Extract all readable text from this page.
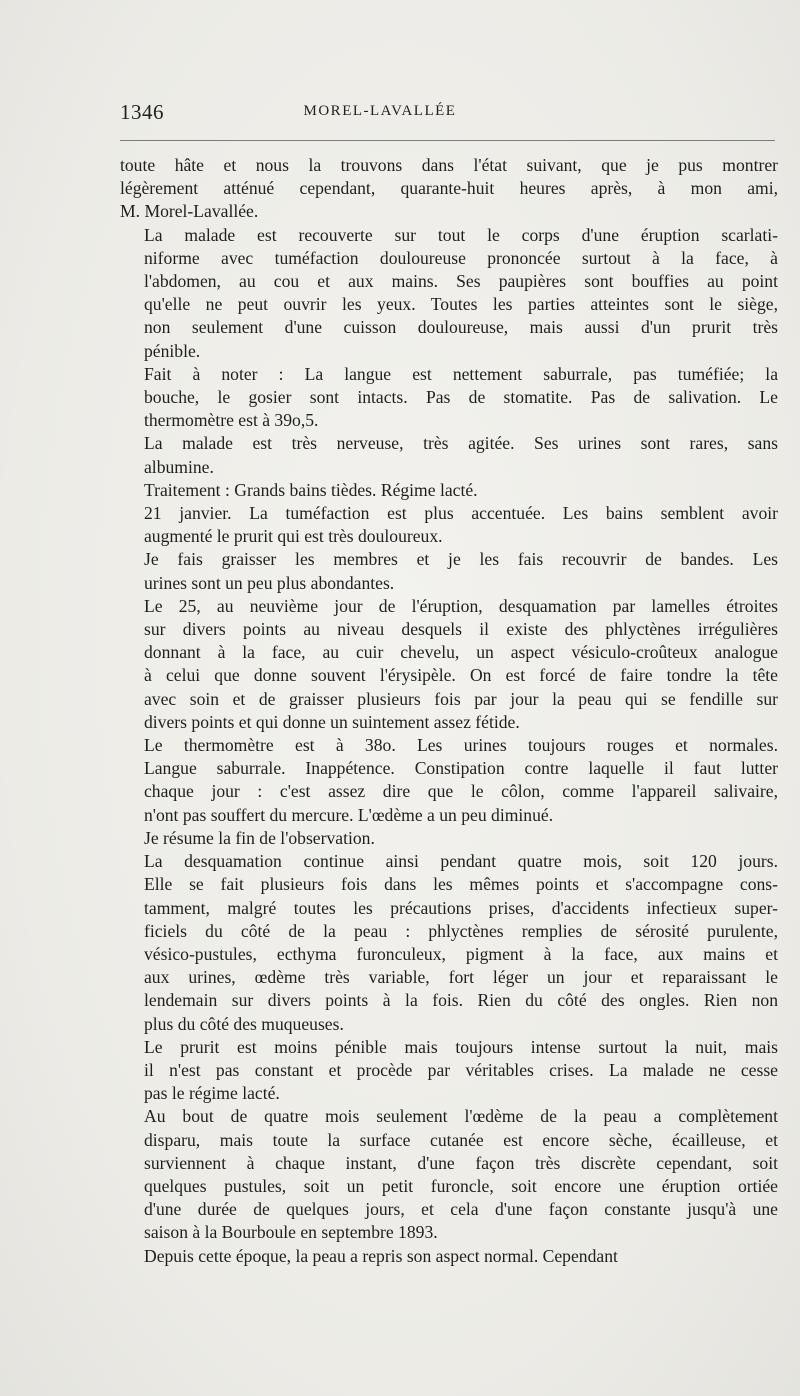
1346	MOREL-LAVALLÉE

toute hâte et nous la trouvons dans l'état suivant, que je pus montrer
légèrement atténué cependant, quarante-huit heures après, à mon ami,
M. Morel-Lavallée.

La malade est recouverte sur tout le corps d'une éruption scarlati-
niforme avec tuméfaction douloureuse prononcée surtout à la face, à
l'abdomen, au cou et aux mains. Ses paupières sont bouffies au point
qu'elle ne peut ouvrir les yeux. Toutes les parties atteintes sont le siège,
non seulement d'une cuisson douloureuse, mais aussi d'un prurit très
pénible.

Fait à noter : La langue est nettement saburrale, pas tuméfiée; la
bouche, le gosier sont intacts. Pas de stomatite. Pas de salivation. Le
thermomètre est à 39o,5.

La malade est très nerveuse, très agitée. Ses urines sont rares, sans
albumine.

Traitement : Grands bains tièdes. Régime lacté.

21 janvier. La tuméfaction est plus accentuée. Les bains semblent avoir
augmenté le prurit qui est très douloureux.

Je fais graisser les membres et je les fais recouvrir de bandes. Les
urines sont un peu plus abondantes.

Le 25, au neuvième jour de l'éruption, desquamation par lamelles étroites
sur divers points au niveau desquels il existe des phlyctènes irrégulières
donnant à la face, au cuir chevelu, un aspect vésiculo-croûteux analogue
à celui que donne souvent l'érysipèle. On est forcé de faire tondre la tête
avec soin et de graisser plusieurs fois par jour la peau qui se fendille sur
divers points et qui donne un suintement assez fétide.

Le thermomètre est à 38o. Les urines toujours rouges et normales.
Langue saburrale. Inappétence. Constipation contre laquelle il faut lutter
chaque jour : c'est assez dire que le côlon, comme l'appareil salivaire,
n'ont pas souffert du mercure. L'œdème a un peu diminué.

Je résume la fin de l'observation.

La desquamation continue ainsi pendant quatre mois, soit 120 jours.
Elle se fait plusieurs fois dans les mêmes points et s'accompagne cons-
tamment, malgré toutes les précautions prises, d'accidents infectieux super-
ficiels du côté de la peau : phlyctènes remplies de sérosité purulente,
vésico-pustules, ecthyma furonculeux, pigment à la face, aux mains et
aux urines, œdème très variable, fort léger un jour et reparaissant le
lendemain sur divers points à la fois. Rien du côté des ongles. Rien non
plus du côté des muqueuses.

Le prurit est moins pénible mais toujours intense surtout la nuit, mais
il n'est pas constant et procède par véritables crises. La malade ne cesse
pas le régime lacté.

Au bout de quatre mois seulement l'œdème de la peau a complètement
disparu, mais toute la surface cutanée est encore sèche, écailleuse, et
surviennent à chaque instant, d'une façon très discrète cependant, soit
quelques pustules, soit un petit furoncle, soit encore une éruption ortiée
d'une durée de quelques jours, et cela d'une façon constante jusqu'à une
saison à la Bourboule en septembre 1893.

Depuis cette époque, la peau a repris son aspect normal. Cependant
